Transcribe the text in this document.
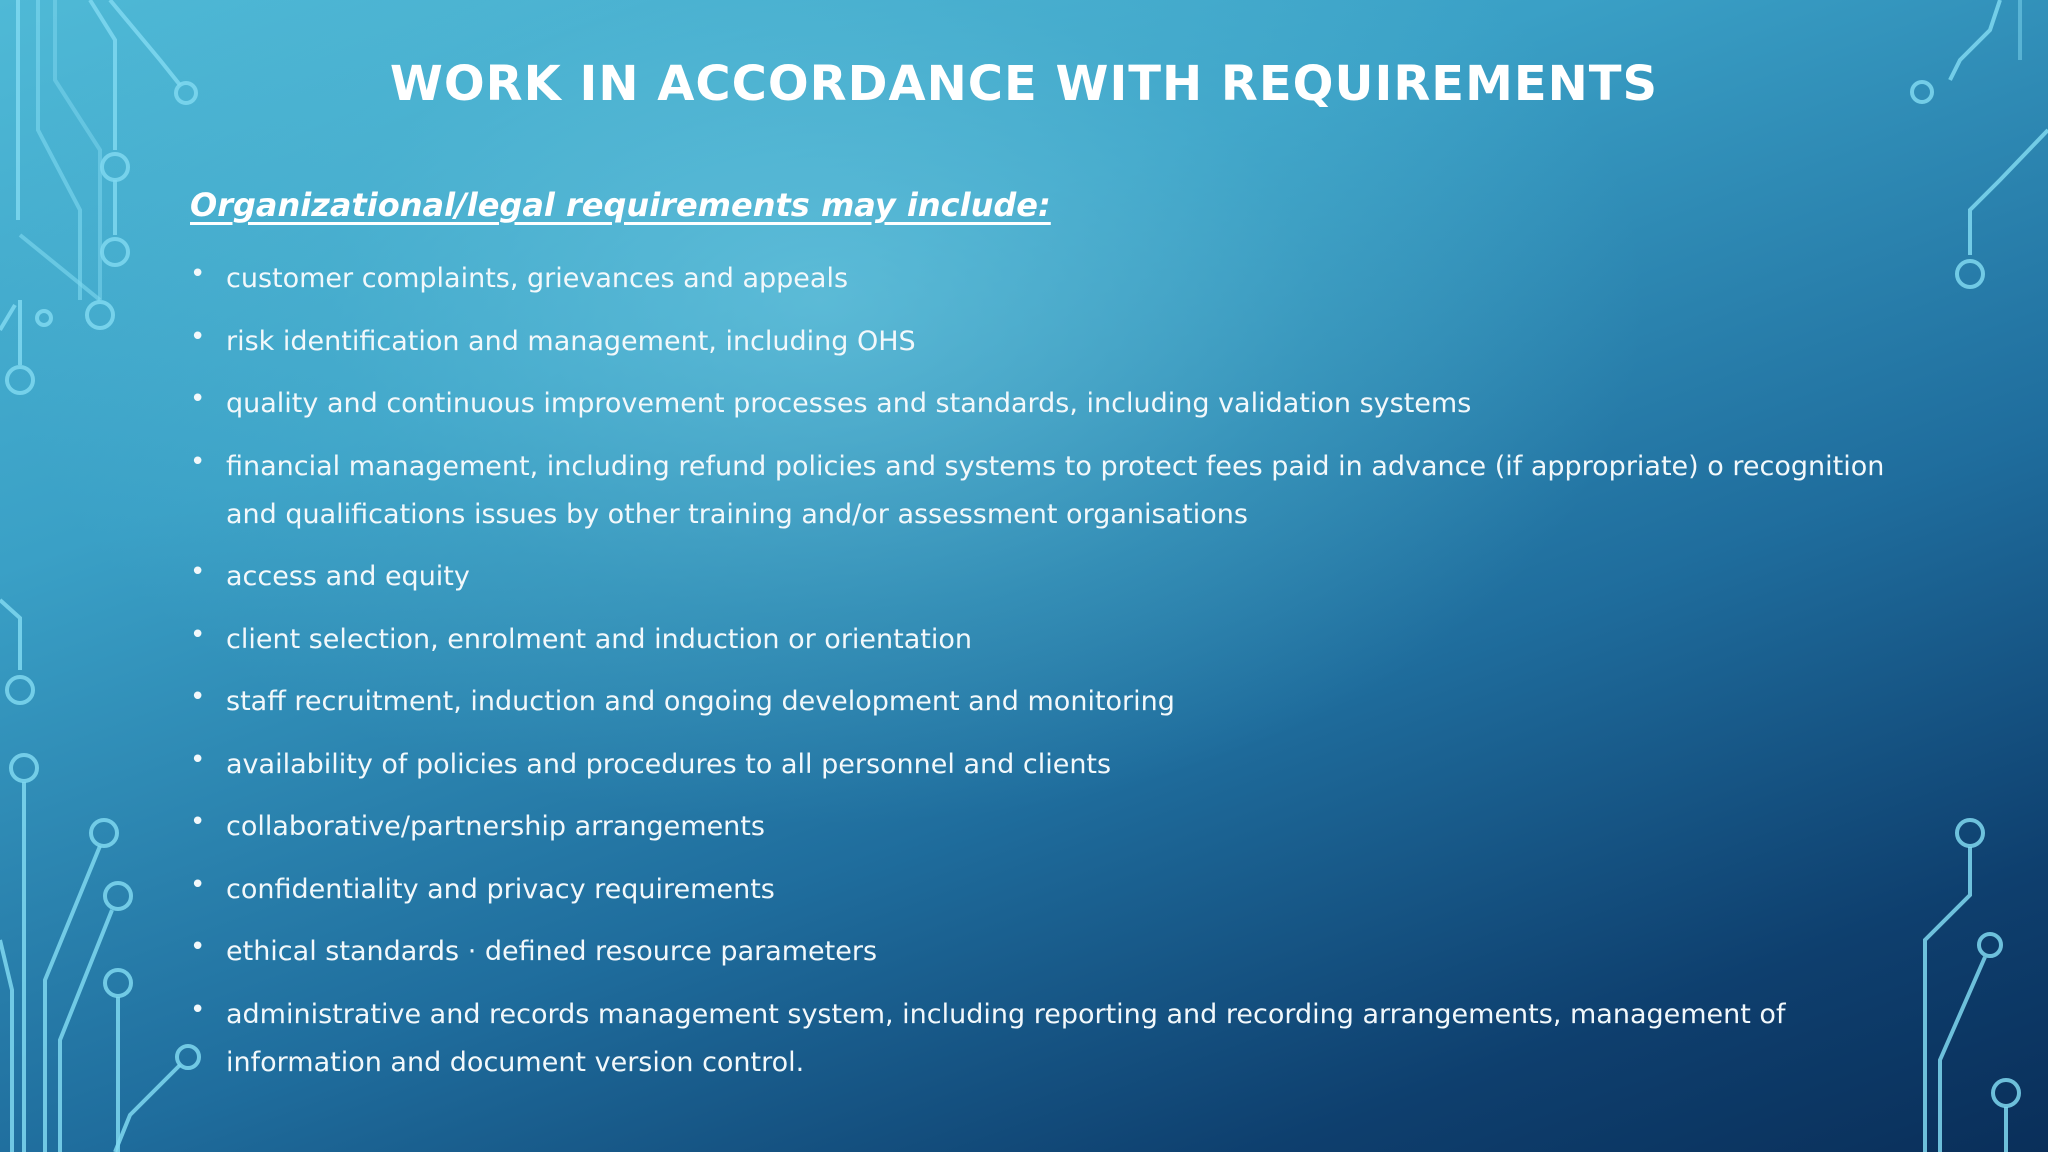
WORK IN ACCORDANCE WITH REQUIREMENTS

Organizational/legal requirements may include:

• customer complaints, grievances and appeals
• risk identification and management, including OHS
• quality and continuous improvement processes and standards, including validation systems
• financial management, including refund policies and systems to protect fees paid in advance (if appropriate) o recognition and qualifications issues by other training and/or assessment organisations
• access and equity
• client selection, enrolment and induction or orientation
• staff recruitment, induction and ongoing development and monitoring
• availability of policies and procedures to all personnel and clients
• collaborative/partnership arrangements
• confidentiality and privacy requirements
• ethical standards · defined resource parameters
• administrative and records management system, including reporting and recording arrangements, management of information and document version control.
